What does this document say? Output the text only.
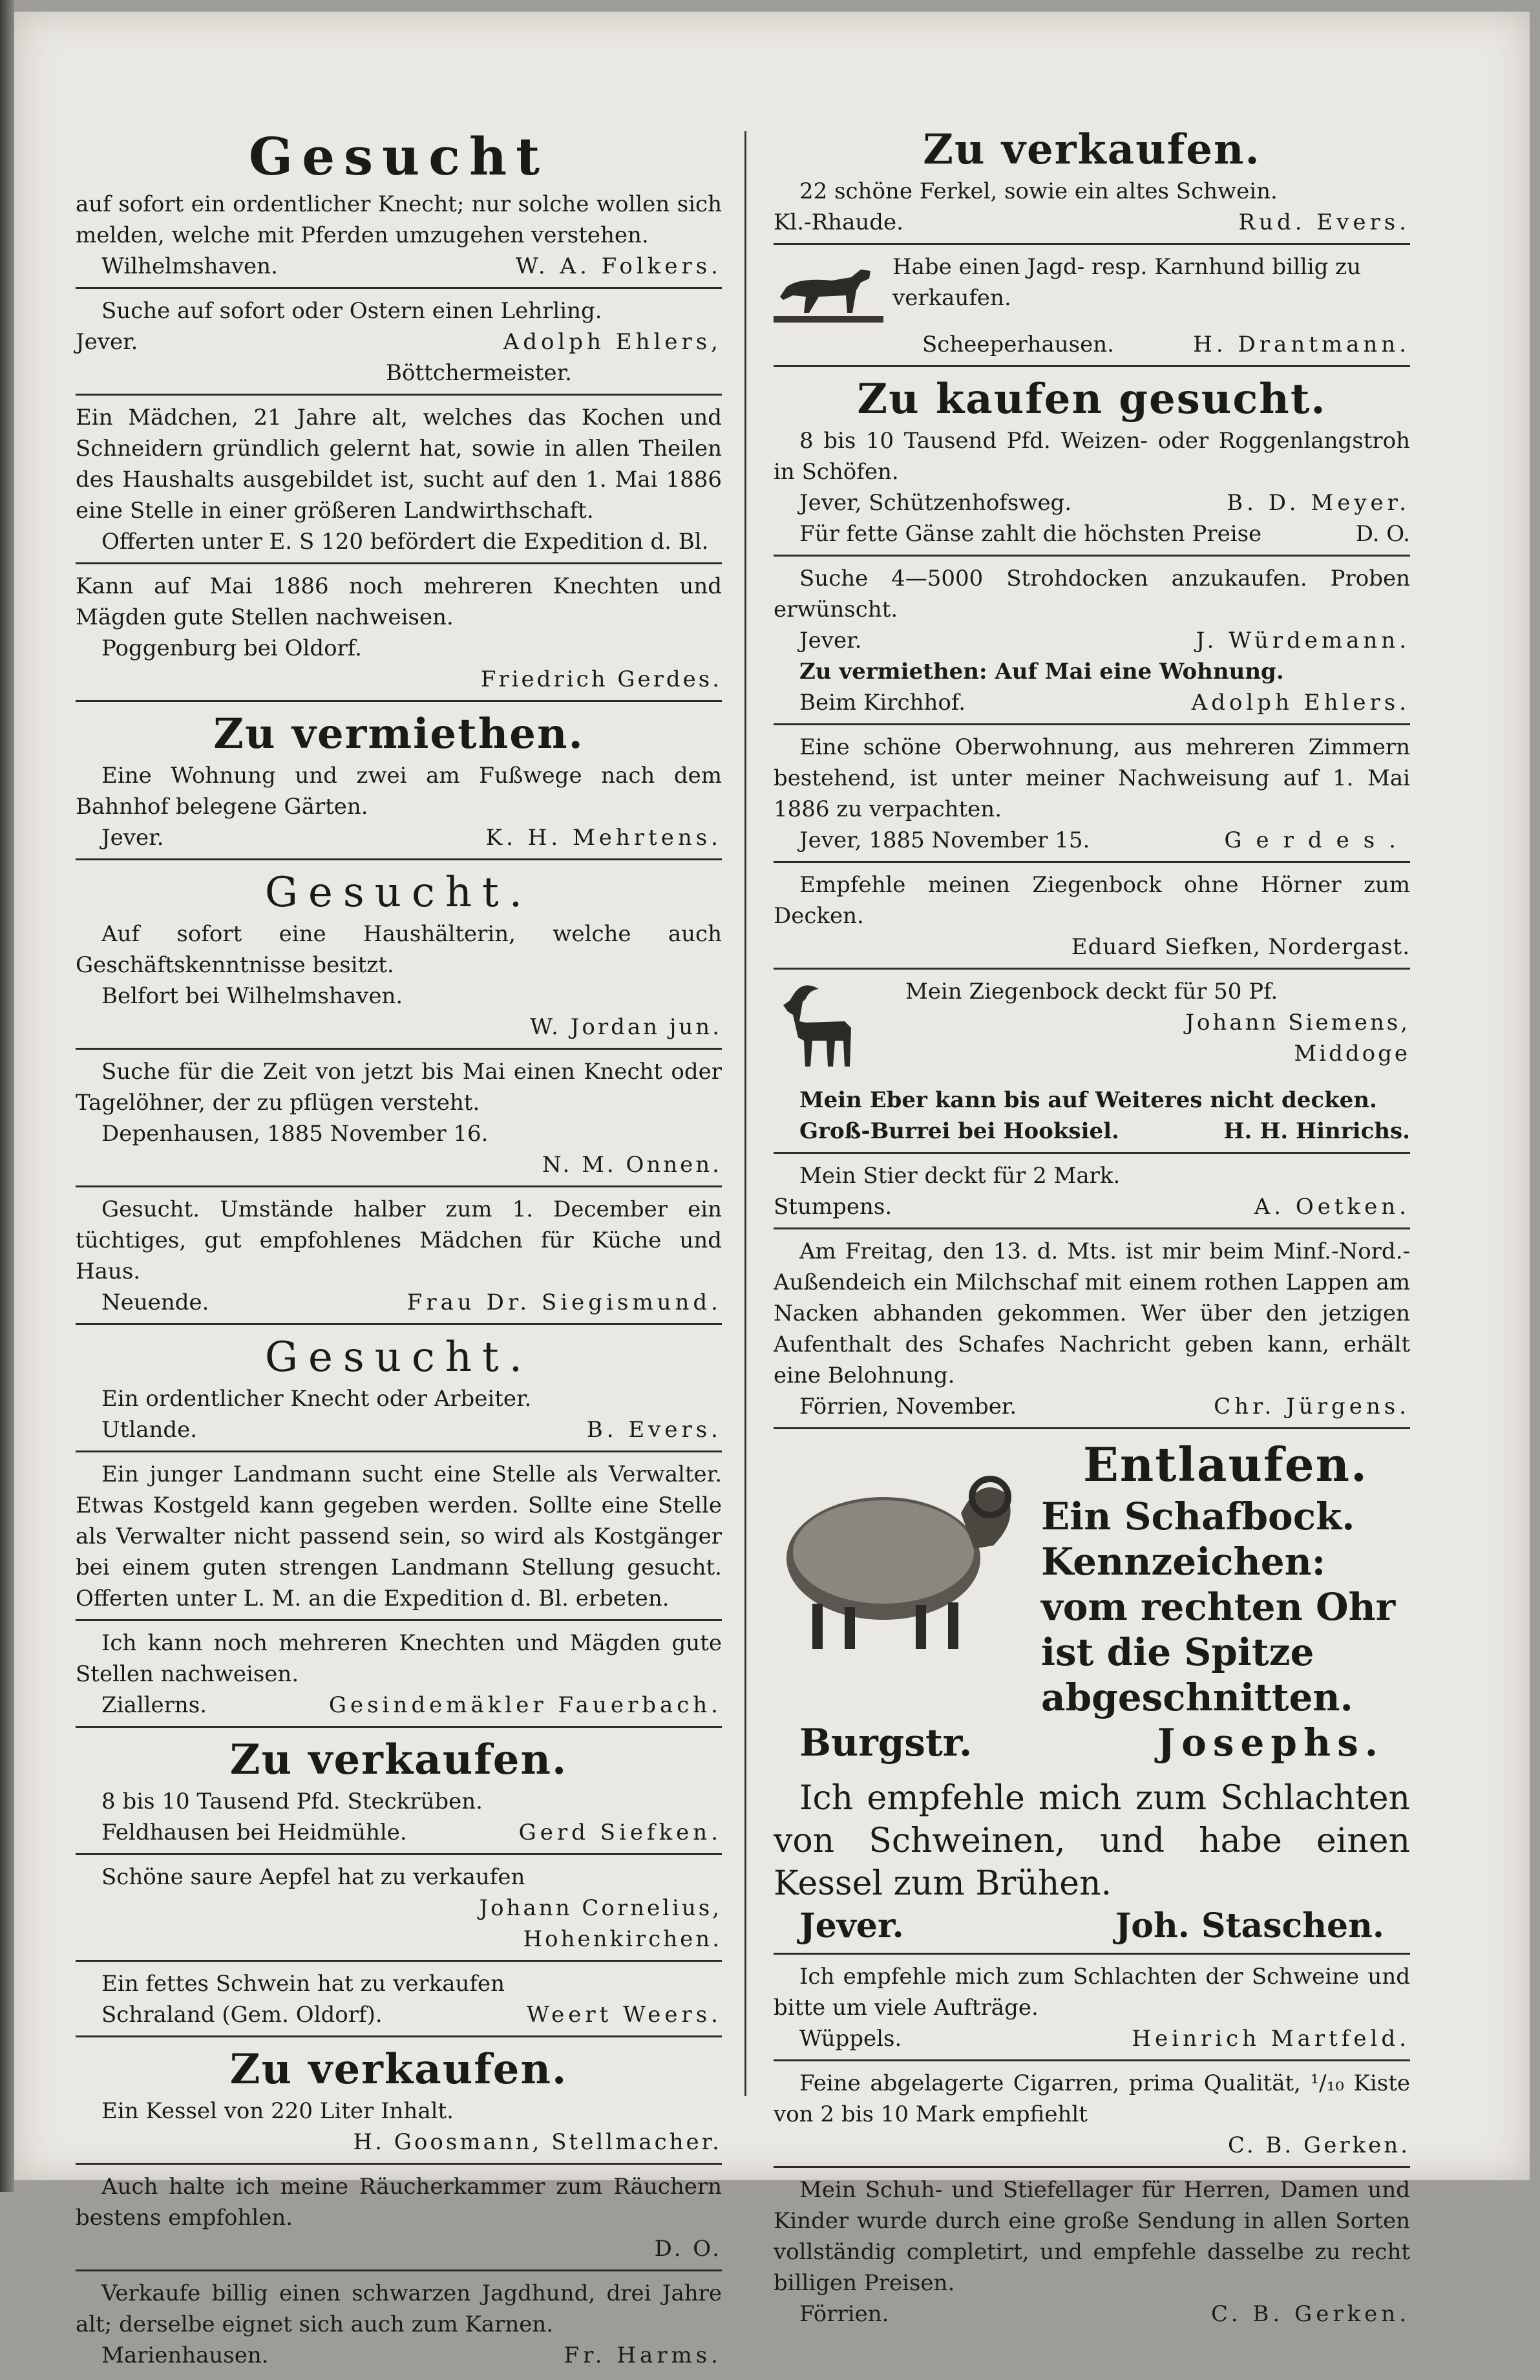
Gesucht
auf sofort ein ordentlicher Knecht; nur solche wollen sich melden, welche mit Pferden umzugehen verstehen.
Wilhelmshaven.	W. A. Folkers.
Suche auf sofort oder Ostern einen Lehrling.
Jever.	Adolph Ehlers,
Böttchermeister.
Ein Mädchen, 21 Jahre alt, welches das Kochen und Schneidern gründlich gelernt hat, sowie in allen Theilen des Haushalts ausgebildet ist, sucht auf den 1. Mai 1886 eine Stelle in einer größeren Landwirthschaft.
Offerten unter E. S 120 befördert die Expedition d. Bl.
Kann auf Mai 1886 noch mehreren Knechten und Mägden gute Stellen nachweisen.
Poggenburg bei Oldorf.
Friedrich Gerdes.
Zu vermiethen.
Eine Wohnung und zwei am Fußwege nach dem Bahnhof belegene Gärten.
Jever.	K. H. Mehrtens.
Gesucht.
Auf sofort eine Haushälterin, welche auch Geschäftskenntnisse besitzt.
Belfort bei Wilhelmshaven.
W. Jordan jun.
Suche für die Zeit von jetzt bis Mai einen Knecht oder Tagelöhner, der zu pflügen versteht.
Depenhausen, 1885 November 16.
N. M. Onnen.
Gesucht. Umstände halber zum 1. December ein tüchtiges, gut empfohlenes Mädchen für Küche und Haus.
Neuende.	Frau Dr. Siegismund.
Gesucht.
Ein ordentlicher Knecht oder Arbeiter.
Utlande.	B. Evers.
Ein junger Landmann sucht eine Stelle als Verwalter. Etwas Kostgeld kann gegeben werden. Sollte eine Stelle als Verwalter nicht passend sein, so wird als Kostgänger bei einem guten strengen Landmann Stellung gesucht. Offerten unter L. M. an die Expedition d. Bl. erbeten.
Ich kann noch mehreren Knechten und Mägden gute Stellen nachweisen.
Ziallerns.	Gesindemäkler Fauerbach.
Zu verkaufen.
8 bis 10 Tausend Pfd. Steckrüben.
Feldhausen bei Heidmühle.	Gerd Siefken.
Schöne saure Aepfel hat zu verkaufen
Johann Cornelius,
Hohenkirchen.
Ein fettes Schwein hat zu verkaufen
Schraland (Gem. Oldorf).	Weert Weers.
Zu verkaufen.
Ein Kessel von 220 Liter Inhalt.
H. Goosmann, Stellmacher.
Auch halte ich meine Räucherkammer zum Räuchern bestens empfohlen.
D. O.
Verkaufe billig einen schwarzen Jagdhund, drei Jahre alt; derselbe eignet sich auch zum Karnen.
Marienhausen.	Fr. Harms.
Zu verkaufen.
22 schöne Ferkel, sowie ein altes Schwein.
Kl.-Rhaude.	Rud. Evers.
Habe einen Jagd- resp. Karnhund billig zu verkaufen.
Scheeperhausen.	H. Drantmann.
Zu kaufen gesucht.
8 bis 10 Tausend Pfd. Weizen- oder Roggenlangstroh in Schöfen.
Jever, Schützenhofsweg.	B. D. Meyer.
Für fette Gänse zahlt die höchsten Preise	D. O.
Suche 4—5000 Strohdocken anzukaufen. Proben erwünscht.
Jever.	J. Würdemann.
Zu vermiethen: Auf Mai eine Wohnung.
Beim Kirchhof.	Adolph Ehlers.
Eine schöne Oberwohnung, aus mehreren Zimmern bestehend, ist unter meiner Nachweisung auf 1. Mai 1886 zu verpachten.
Jever, 1885 November 15.	Gerdes.
Empfehle meinen Ziegenbock ohne Hörner zum Decken.
Eduard Siefken, Nordergast.
Mein Ziegenbock deckt für 50 Pf.
Johann Siemens,
Middoge
Mein Eber kann bis auf Weiteres nicht decken.
Groß-Burrei bei Hooksiel.	H. H. Hinrichs.
Mein Stier deckt für 2 Mark.
Stumpens.	A. Oetken.
Am Freitag, den 13. d. Mts. ist mir beim Minf.-Nord.-Außendeich ein Milchschaf mit einem rothen Lappen am Nacken abhanden gekommen. Wer über den jetzigen Aufenthalt des Schafes Nachricht geben kann, erhält eine Belohnung.
Förrien, November.	Chr. Jürgens.
Entlaufen.
Ein Schafbock. Kennzeichen: vom rechten Ohr ist die Spitze abgeschnitten.
Burgstr.	Josephs.
Ich empfehle mich zum Schlachten von Schweinen, und habe einen Kessel zum Brühen.
Jever.	Joh. Staschen.
Ich empfehle mich zum Schlachten der Schweine und bitte um viele Aufträge.
Wüppels.	Heinrich Martfeld.
Feine abgelagerte Cigarren, prima Qualität, ¹/₁₀ Kiste von 2 bis 10 Mark empfiehlt
C. B. Gerken.
Mein Schuh- und Stiefellager für Herren, Damen und Kinder wurde durch eine große Sendung in allen Sorten vollständig completirt, und empfehle dasselbe zu recht billigen Preisen.
Förrien.	C. B. Gerken.
